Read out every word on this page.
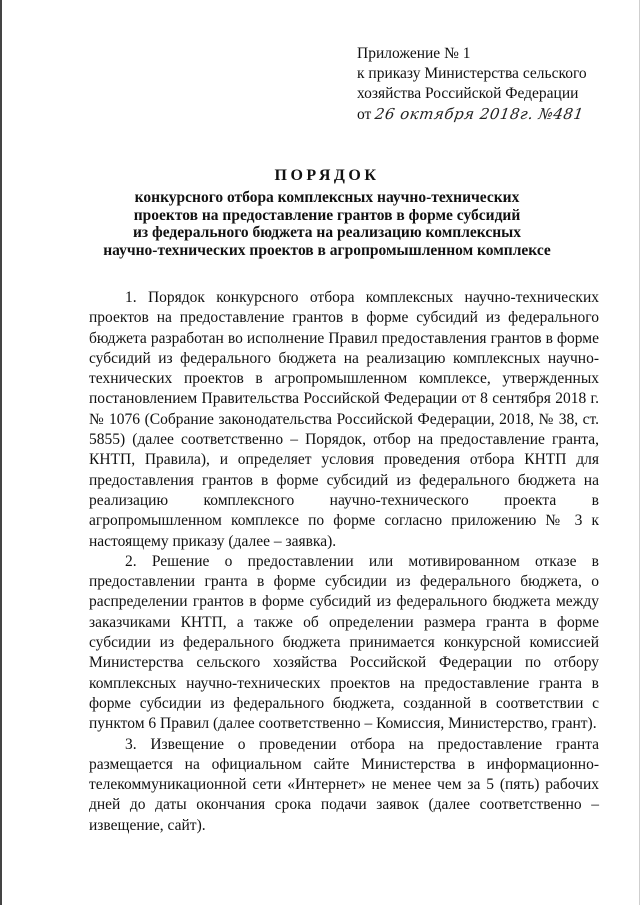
Приложение № 1
к приказу Министерства сельского
хозяйства Российской Федерации
от 26 октября 2018г. №481
ПОРЯДОК
конкурсного отбора комплексных научно-технических
проектов на предоставление грантов в форме субсидий
из федерального бюджета на реализацию комплексных
научно-технических проектов в агропромышленном комплексе

1. Порядок конкурсного отбора комплексных научно-технических проектов на предоставление грантов в форме субсидий из федерального бюджета разработан во исполнение Правил предоставления грантов в форме субсидий из федерального бюджета на реализацию комплексных научно-технических проектов в агропромышленном комплексе, утвержденных постановлением Правительства Российской Федерации от 8 сентября 2018 г. № 1076 (Собрание законодательства Российской Федерации, 2018, № 38, ст. 5855) (далее соответственно – Порядок, отбор на предоставление гранта, КНТП, Правила), и определяет условия проведения отбора КНТП для предоставления грантов в форме субсидий из федерального бюджета на реализацию комплексного научно-технического проекта в агропромышленном комплексе по форме согласно приложению № 3 к настоящему приказу (далее – заявка).

2. Решение о предоставлении или мотивированном отказе в предоставлении гранта в форме субсидии из федерального бюджета, о распределении грантов в форме субсидий из федерального бюджета между заказчиками КНТП, а также об определении размера гранта в форме субсидии из федерального бюджета принимается конкурсной комиссией Министерства сельского хозяйства Российской Федерации по отбору комплексных научно-технических проектов на предоставление гранта в форме субсидии из федерального бюджета, созданной в соответствии с пунктом 6 Правил (далее соответственно – Комиссия, Министерство, грант).

3. Извещение о проведении отбора на предоставление гранта размещается на официальном сайте Министерства в информационно-телекоммуникационной сети «Интернет» не менее чем за 5 (пять) рабочих дней до даты окончания срока подачи заявок (далее соответственно – извещение, сайт).
